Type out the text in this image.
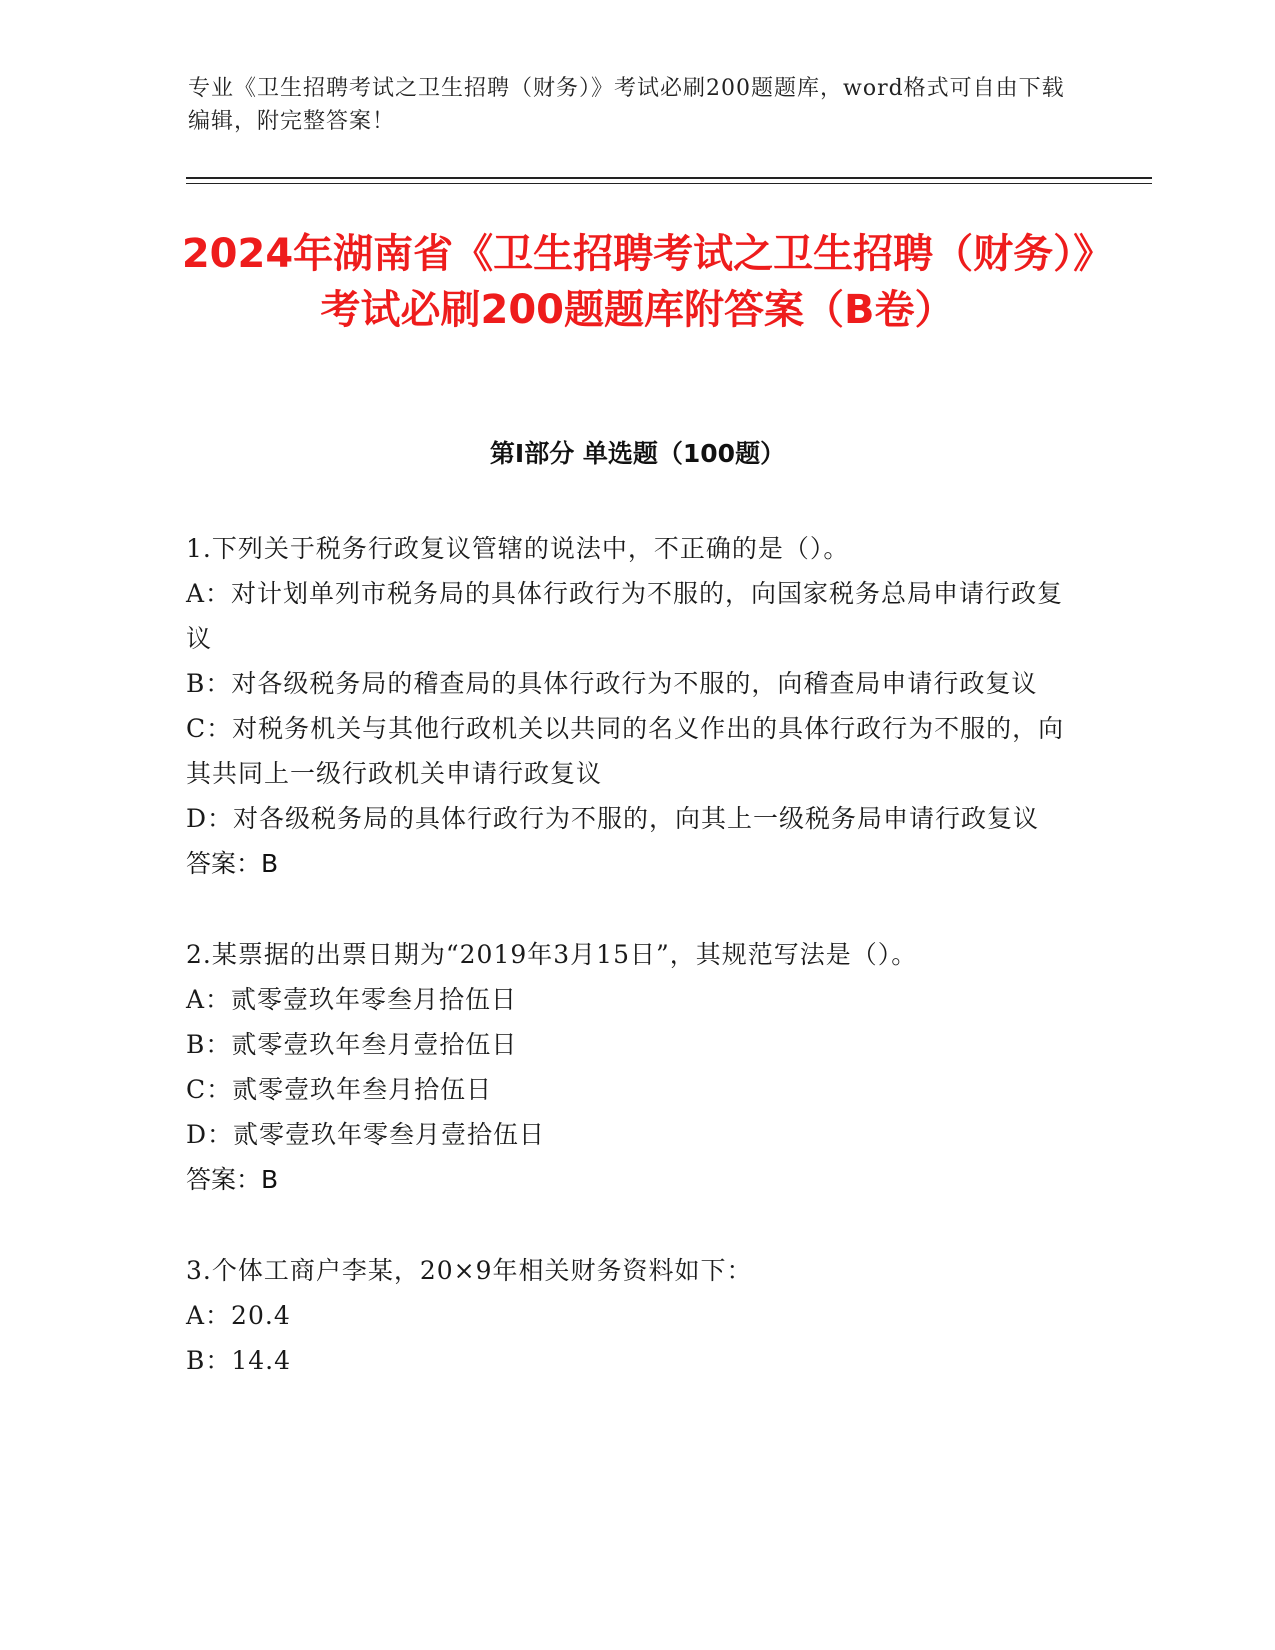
专业《卫生招聘考试之卫生招聘（财务）》考试必刷200题题库，word格式可自由下载编辑，附完整答案！
2024年湖南省《卫生招聘考试之卫生招聘（财务）》考试必刷200题题库附答案（B卷）
第I部分 单选题（100题）
1.下列关于税务行政复议管辖的说法中，不正确的是（）。
A：对计划单列市税务局的具体行政行为不服的，向国家税务总局申请行政复议
B：对各级税务局的稽查局的具体行政行为不服的，向稽查局申请行政复议
C：对税务机关与其他行政机关以共同的名义作出的具体行政行为不服的，向其共同上一级行政机关申请行政复议
D：对各级税务局的具体行政行为不服的，向其上一级税务局申请行政复议
答案：B
2.某票据的出票日期为“2019年3月15日”，其规范写法是（）。
A：贰零壹玖年零叁月拾伍日
B：贰零壹玖年叁月壹拾伍日
C：贰零壹玖年叁月拾伍日
D：贰零壹玖年零叁月壹拾伍日
答案：B
3.个体工商户李某，20×9年相关财务资料如下：
A：20.4
B：14.4
